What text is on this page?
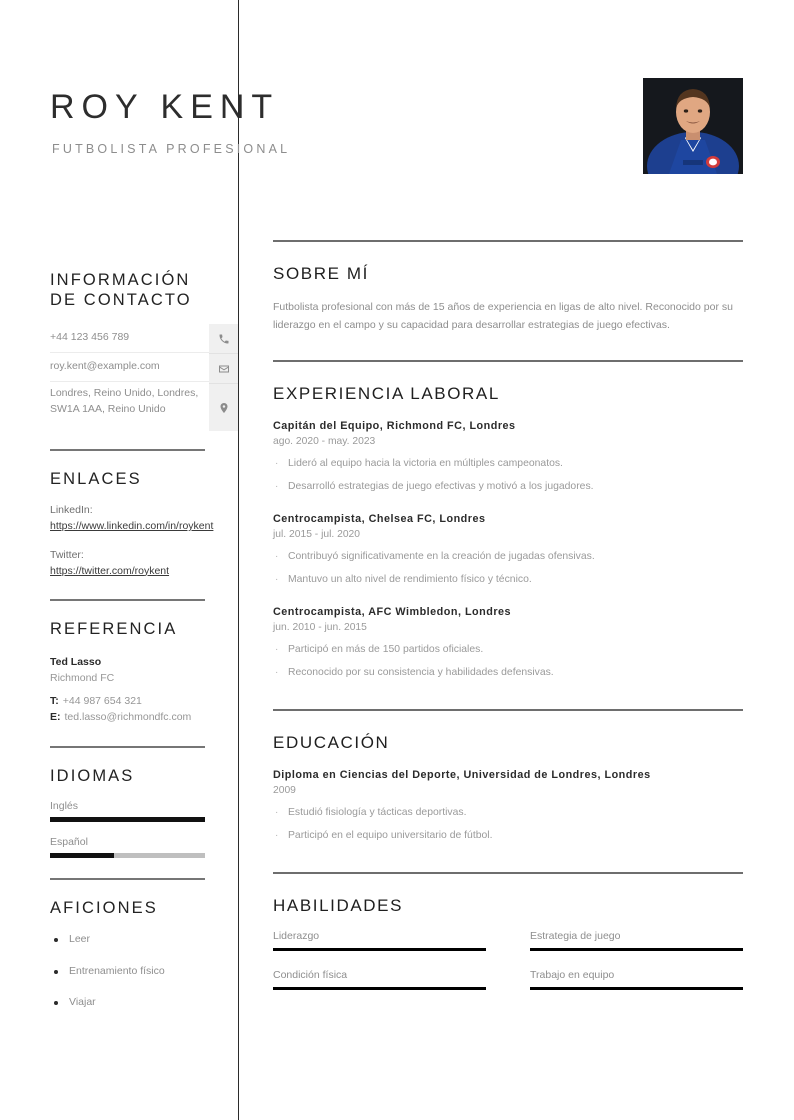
ROY KENT
FUTBOLISTA PROFESIONAL
INFORMACIÓN
DE CONTACTO
+44 123 456 789
roy.kent@example.com
Londres, Reino Unido, Londres, SW1A 1AA, Reino Unido
ENLACES
LinkedIn:
https://www.linkedin.com/in/roykent
Twitter:
https://twitter.com/roykent
REFERENCIA
Ted Lasso
Richmond FC
T: +44 987 654 321
E: ted.lasso@richmondfc.com
IDIOMAS
Inglés
Español
AFICIONES
Leer
Entrenamiento físico
Viajar
SOBRE MÍ
Futbolista profesional con más de 15 años de experiencia en ligas de alto nivel. Reconocido por su liderazgo en el campo y su capacidad para desarrollar estrategias de juego efectivas.
EXPERIENCIA LABORAL
Capitán del Equipo, Richmond FC, Londres
ago. 2020 - may. 2023
· Lideró al equipo hacia la victoria en múltiples campeonatos.
· Desarrolló estrategias de juego efectivas y motivó a los jugadores.
Centrocampista, Chelsea FC, Londres
jul. 2015 - jul. 2020
· Contribuyó significativamente en la creación de jugadas ofensivas.
· Mantuvo un alto nivel de rendimiento físico y técnico.
Centrocampista, AFC Wimbledon, Londres
jun. 2010 - jun. 2015
· Participó en más de 150 partidos oficiales.
· Reconocido por su consistencia y habilidades defensivas.
EDUCACIÓN
Diploma en Ciencias del Deporte, Universidad de Londres, Londres
2009
· Estudió fisiología y tácticas deportivas.
· Participó en el equipo universitario de fútbol.
HABILIDADES
Liderazgo	Estrategia de juego
Condición física	Trabajo en equipo
